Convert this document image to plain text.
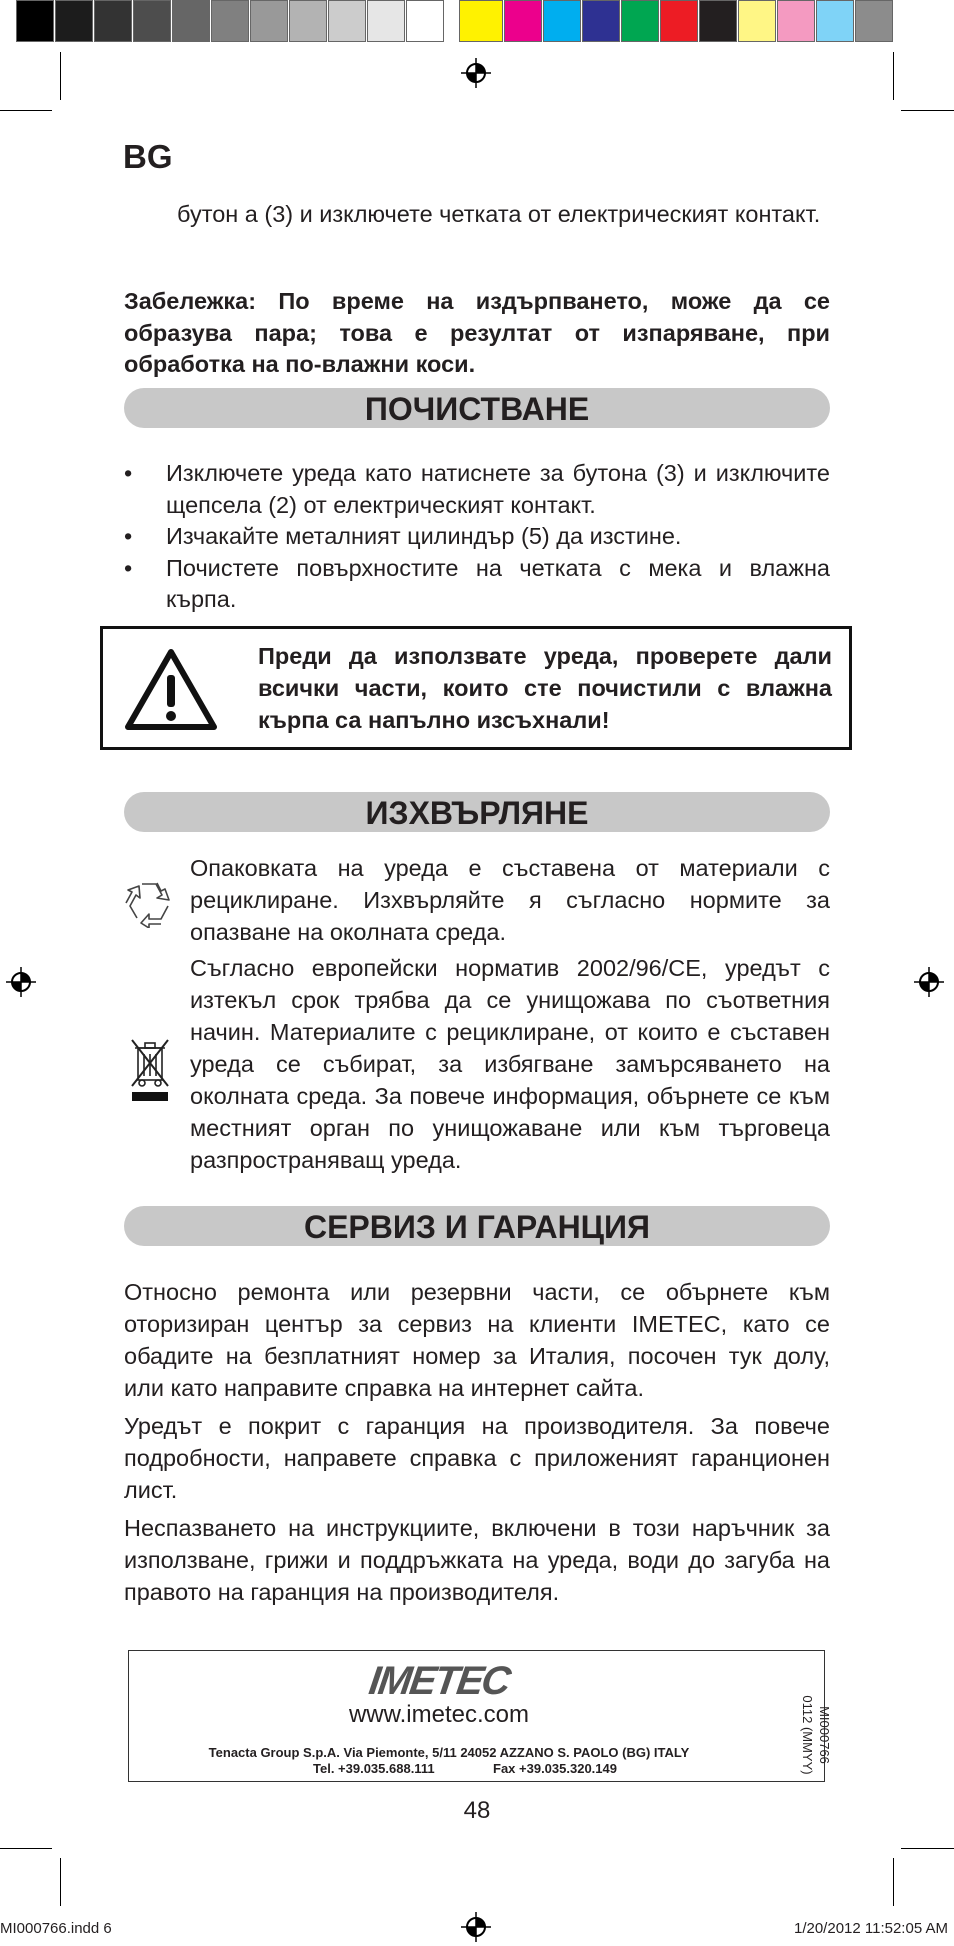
BG

бутон а (3) и изключете четката от електрическият контакт.

Забележка: По време на издърпването, може да се образува пара; това е резултат от изпаряване, при обработка на по-влажни коси.

ПОЧИСТВАНЕ
• Изключете уреда като натиснете за бутона (3) и изключите щепсела (2) от електрическият контакт.
• Изчакайте металният цилиндър (5) да изстине.
• Почистете повърхностите на четката с мека и влажна кърпа.

Преди да използвате уреда, проверете дали всички части, които сте почистили с влажна кърпа са напълно изсъхнали!

ИЗХВЪРЛЯНЕ

Опаковката на уреда е съставена от материали с рециклиране. Изхвърляйте я съгласно нормите за опазване на околната среда.

Съгласно европейски норматив 2002/96/CE, уредът с изтекъл срок трябва да се унищожава по съответния начин. Материалите с рециклиране, от които е съставен уреда се събират, за избягване замърсяването на околната среда. За повече информация, обърнете се към местният орган по унищожаване или към търговеца разпространяващ уреда.

СЕРВИЗ И ГАРАНЦИЯ

Относно ремонта или резервни части, се обърнете към оторизиран център за сервиз на клиенти IMETEC, като се обадите на безплатният номер за Италия, посочен тук долу, или като направите справка на интернет сайта.

Уредът е покрит с гаранция на производителя. За повече подробности, направете справка с приложеният гаранционен лист.

Неспазването на инструкциите, включени в този наръчник за използване, грижи и поддръжката на уреда, води до загуба на правото на гаранция на производителя.

IMETEC
www.imetec.com
Tenacta Group S.p.A. Via Piemonte, 5/11 24052 AZZANO S. PAOLO (BG) ITALY
Tel. +39.035.688.111	Fax +39.035.320.149
MI000766
0112 (MMYY)
48
MI000766.indd 6	1/20/2012 11:52:05 AM
